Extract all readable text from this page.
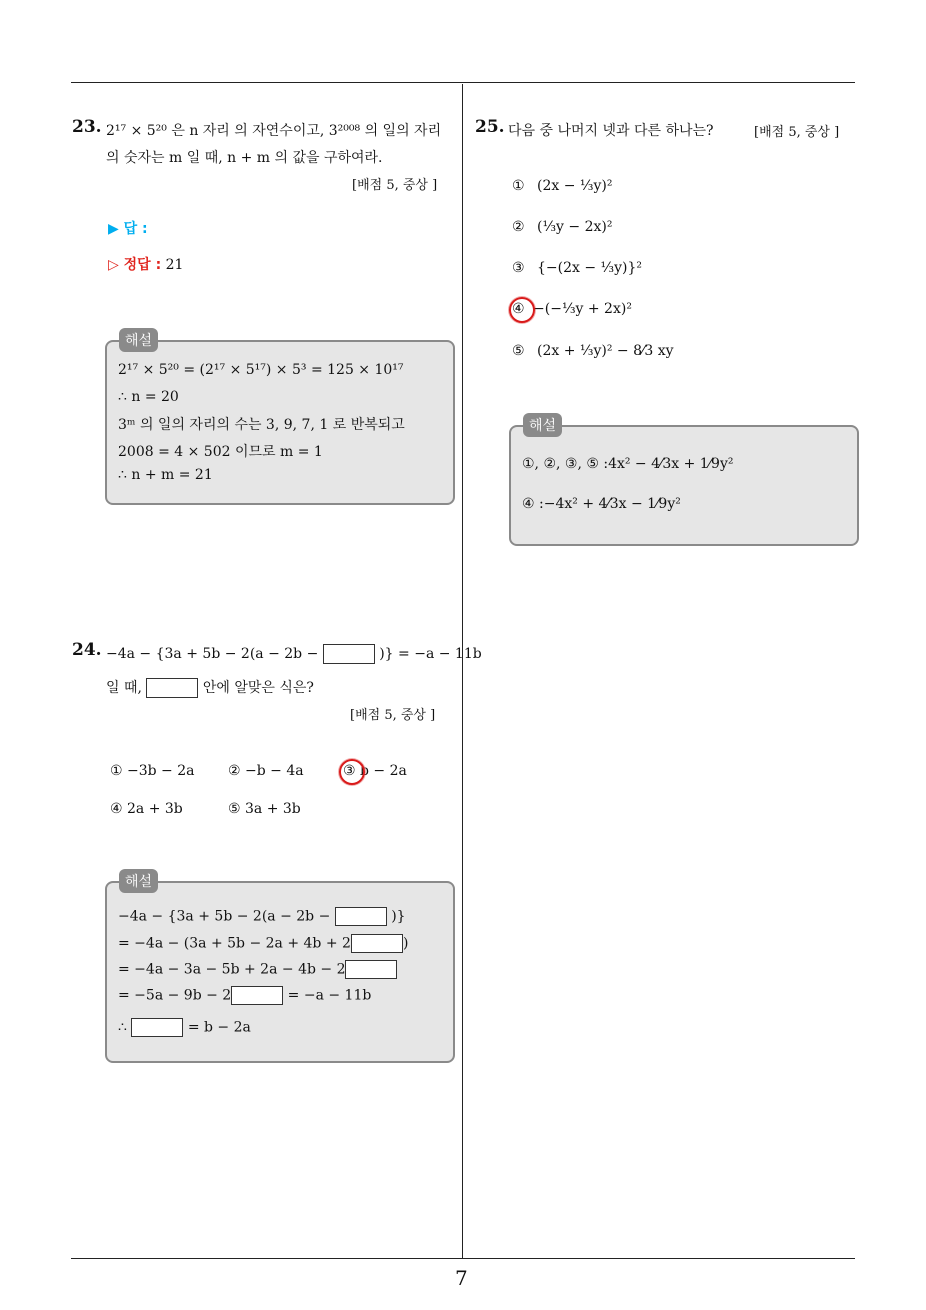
23. 2¹⁷ × 5²⁰ 은 n 자리 의 자연수이고, 3²⁰⁰⁸ 의 일의 자리
의 숫자는 m 일 때, n + m 의 값을 구하여라.
[배점 5, 중상 ]
▶ 답 :
▷ 정답 : 21
해설
2¹⁷ × 5²⁰ = (2¹⁷ × 5¹⁷) × 5³ = 125 × 10¹⁷
∴ n = 20
3ᵐ 의 일의 자리의 수는 3, 9, 7, 1 로 반복되고
2008 = 4 × 502 이므로 m = 1
∴ n + m = 21
24. −4a − {3a + 5b − 2(a − 2b −	)} = −a − 11b
일 때,	안에 알맞은 식은?
[배점 5, 중상 ]
① −3b − 2a ② −b − 4a	③ b − 2a
④ 2a + 3b	⑤ 3a + 3b
해설
−4a − {3a + 5b − 2(a − 2b −	)}
= −4a − (3a + 5b − 2a + 4b + 2	)
= −4a − 3a − 5b + 2a − 4b − 2
= −5a − 9b − 2	= −a − 11b
∴	= b − 2a
25. 다음 중 나머지 넷과 다른 하나는?	[배점 5, 중상 ]
① (2x − ⅓y)²
② (⅓y − 2x)²
③ {−(2x − ⅓y)}²
④ −(−⅓y + 2x)²
⑤ (2x + ⅓y)² − 8⁄3 xy
해설
①, ②, ③, ⑤ :4x² − 4⁄3x + 1⁄9y²
④ :−4x² + 4⁄3x − 1⁄9y²
7
